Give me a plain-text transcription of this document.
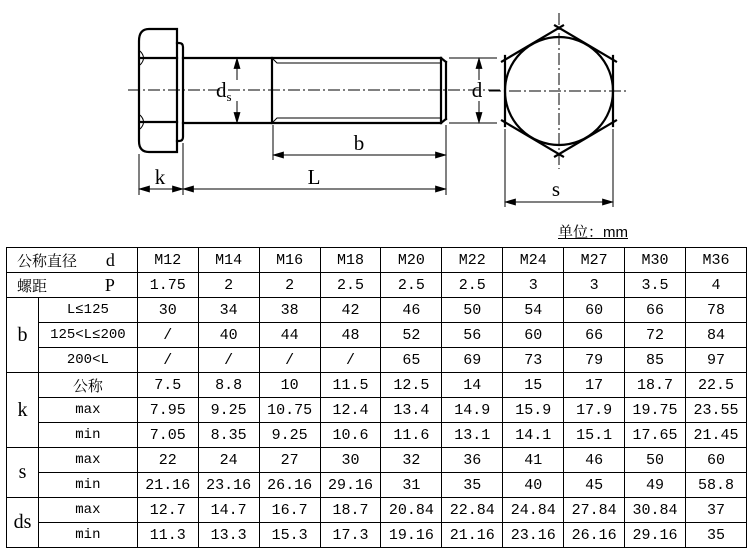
ds	d
b
k	L	s
单位：mm
公称直径 d		M12	M14	M16	M18	M20	M22	M24	M27	M30	M36

螺距 P		1.75	2	2	2.5	2.5	2.5	3	3	3.5	4
b	L≤125	30	34	38	42	46	50	54	60	66	78
	125<L≤200	/	40	44	48	52	56	60	66	72	84
	200<L	/	/	/	/	65	69	73	79	85	97
k	公称	7.5	8.8	10	11.5	12.5	14	15	17	18.7	22.5
	max	7.95	9.25	10.75	12.4	13.4	14.9	15.9	17.9	19.75	23.55
	min	7.05	8.35	9.25	10.6	11.6	13.1	14.1	15.1	17.65	21.45
s	max	22	24	27	30	32	36	41	46	50	60
	min	21.16	23.16	26.16	29.16	31	35	40	45	49	58.8
ds	max	12.7	14.7	16.7	18.7	20.84	22.84	24.84	27.84	30.84	37
	min	11.3	13.3	15.3	17.3	19.16	21.16	23.16	26.16	29.16	35
